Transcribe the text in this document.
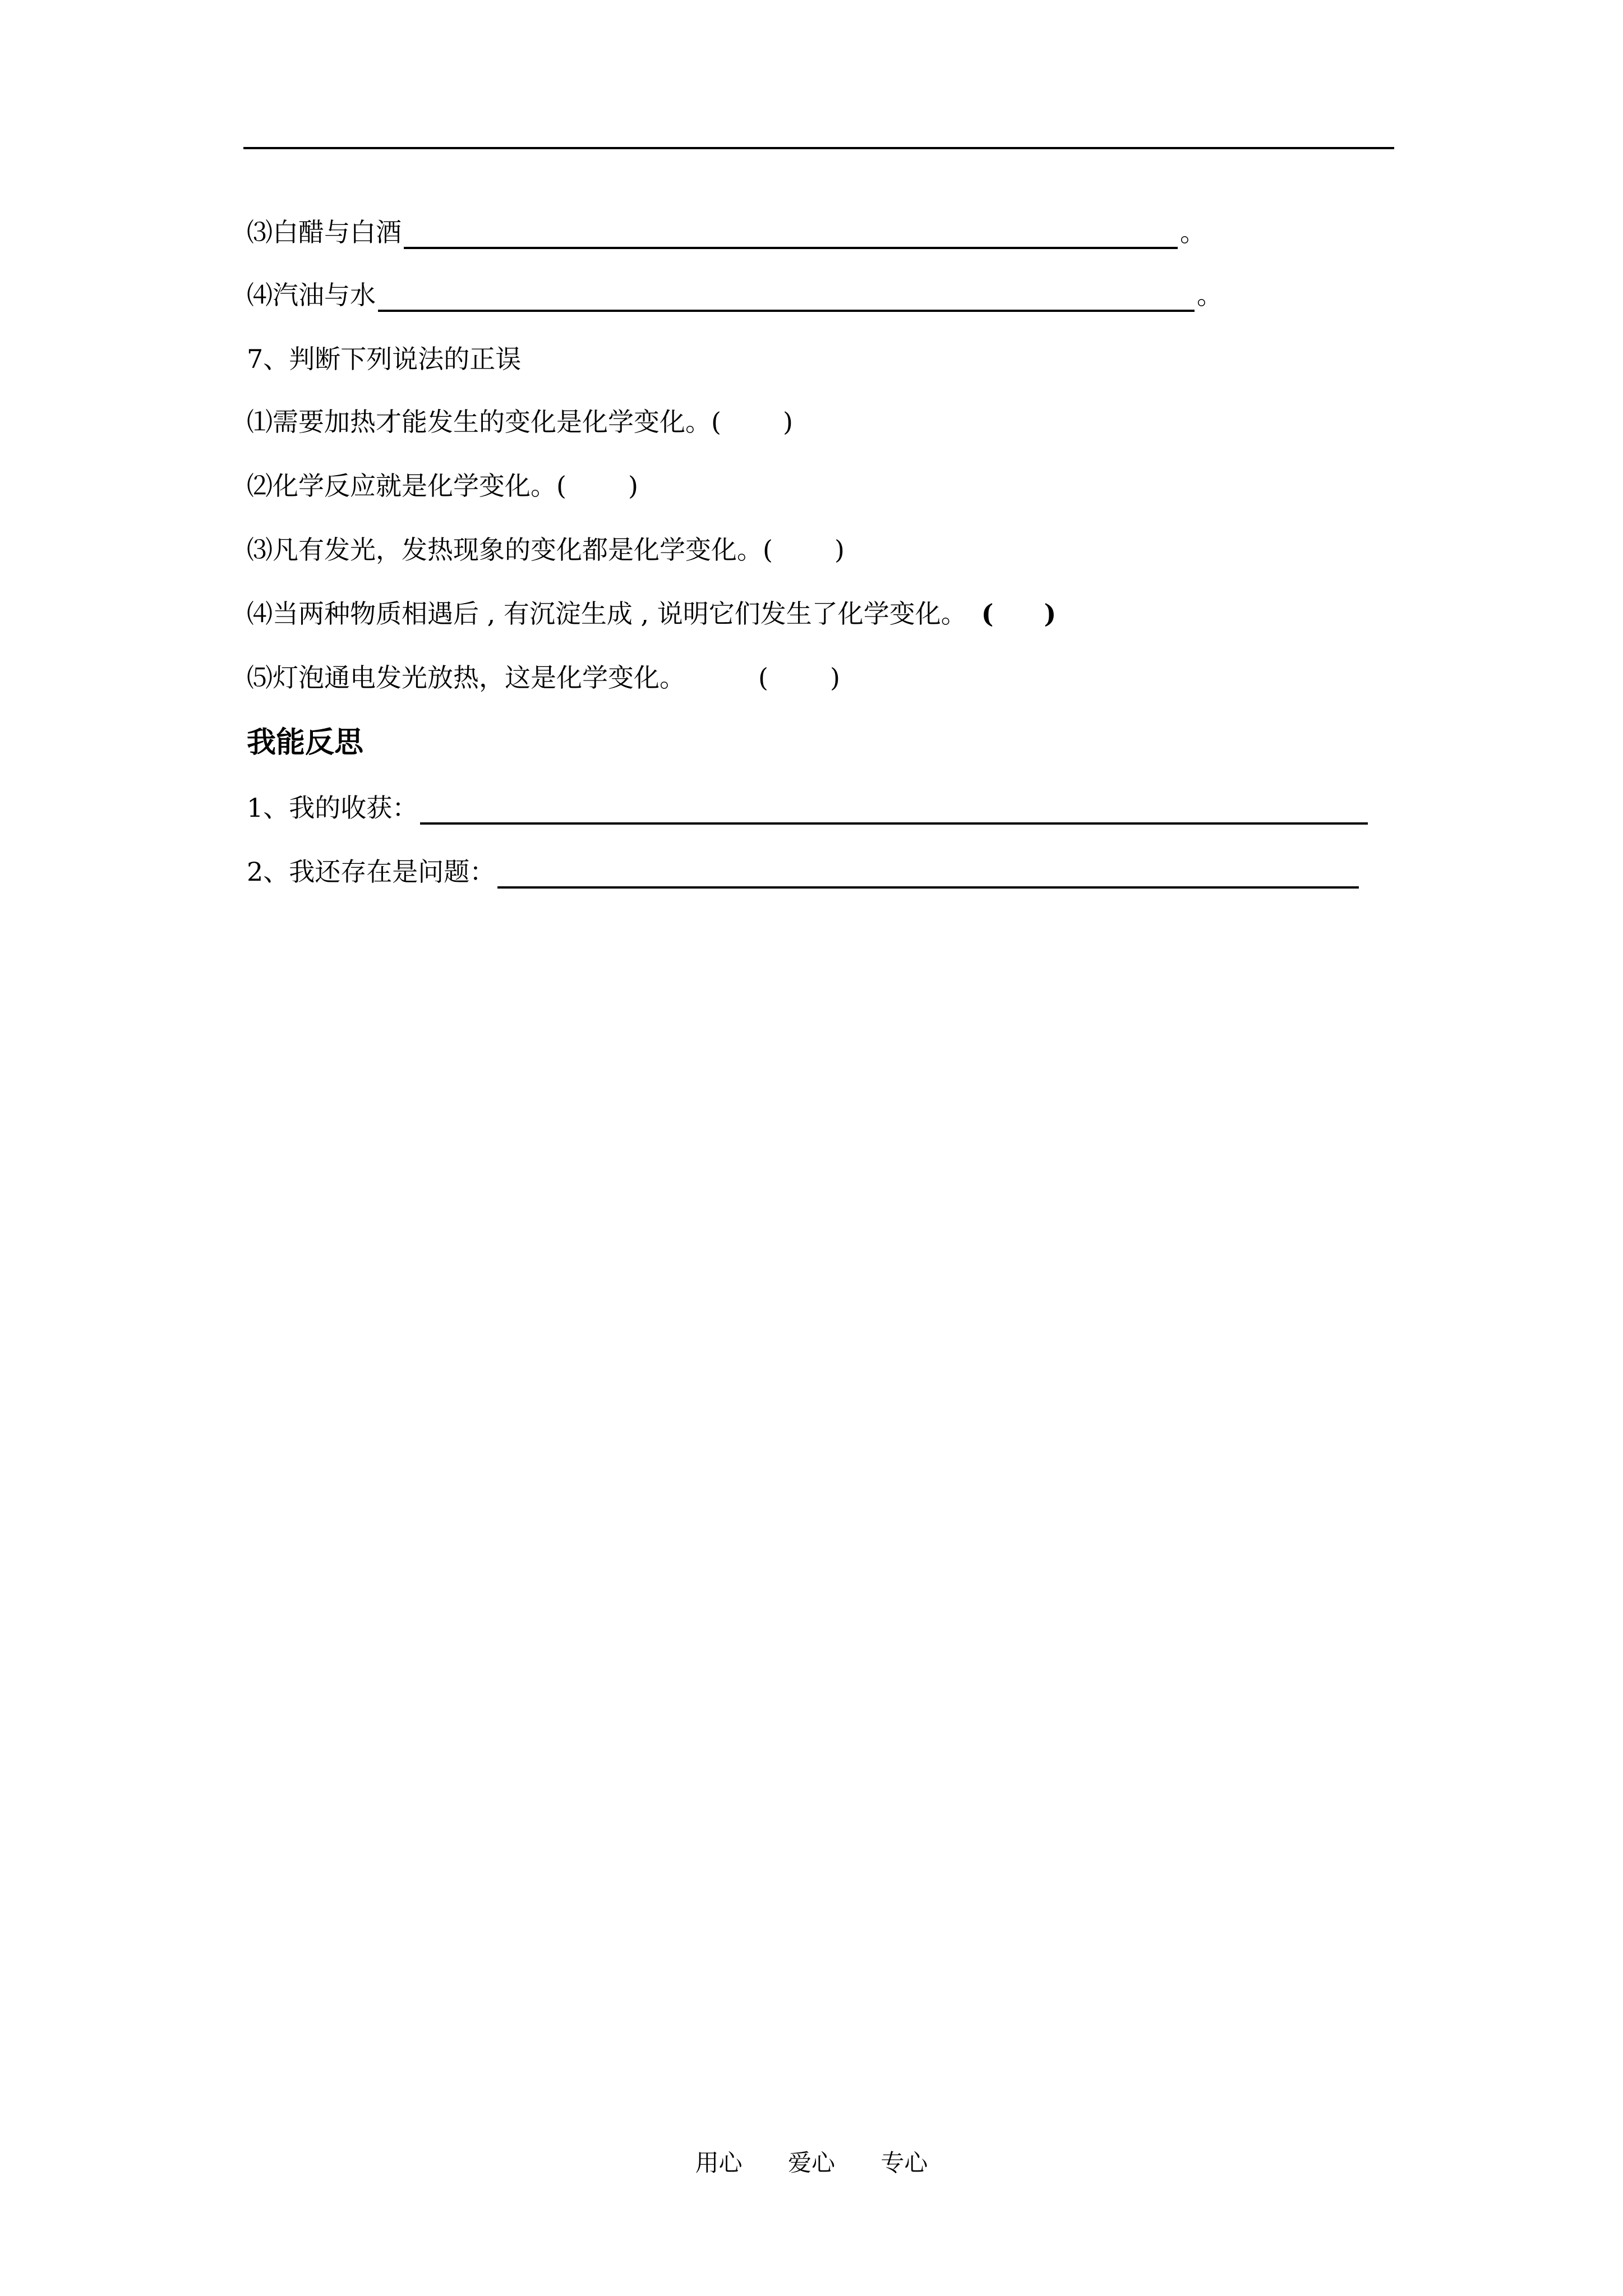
⑶白醋与白酒	。
⑷汽油与水	。
7、判断下列说法的正误
⑴需要加热才能发生的变化是化学变化。 ( )
⑵化学反应就是化学变化。 ( )
⑶凡有发光，发热现象的变化都是化学变化。 ( )
⑷当两种物质相遇后 , 有沉淀生成 , 说明它们发生了化学变化。 ( )
⑸灯泡通电发光放热，这是化学变化。	( )
我能反思
1、我的收获：
2、我还存在是问题：
用心 爱心 专心
